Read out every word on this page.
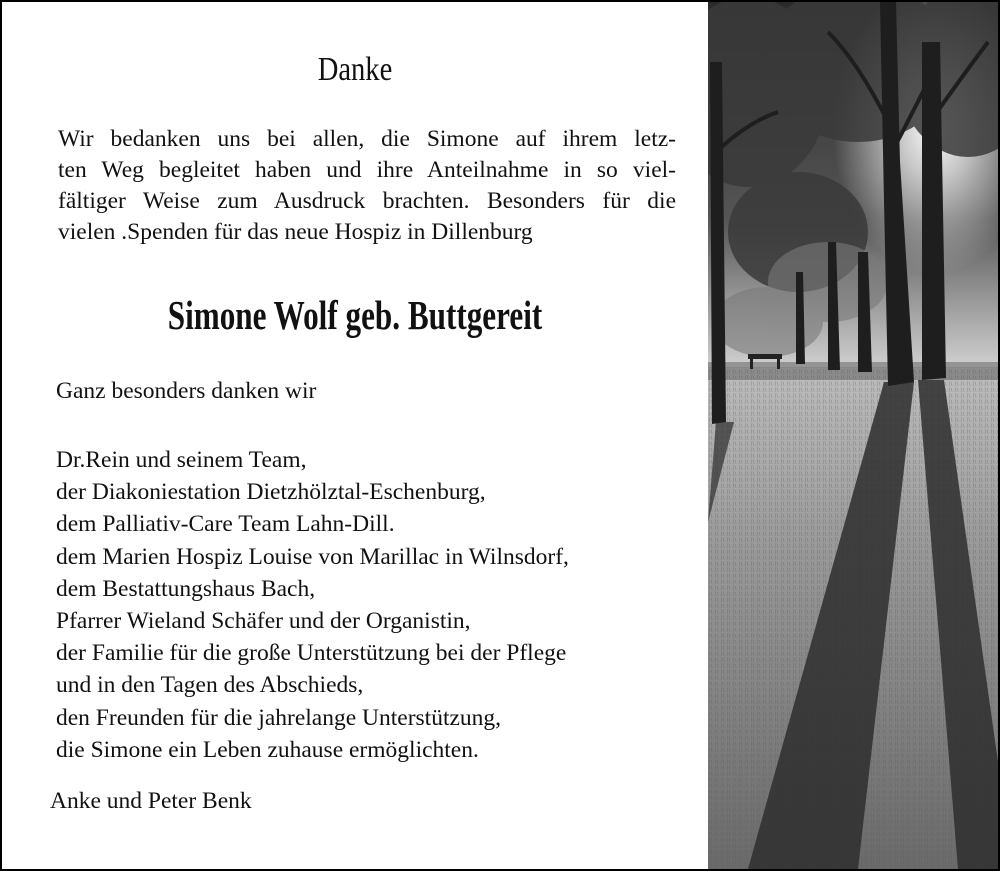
Danke
Wir bedanken uns bei allen, die Simone auf ihrem letz-
ten Weg begleitet haben und ihre Anteilnahme in so viel-
fältiger Weise zum Ausdruck brachten. Besonders für die
vielen .Spenden für das neue Hospiz in Dillenburg
Simone Wolf geb. Buttgereit
Ganz besonders danken wir
Dr.Rein und seinem Team,
der Diakoniestation Dietzhölztal-Eschenburg,
dem Palliativ-Care Team Lahn-Dill.
dem Marien Hospiz Louise von Marillac in Wilnsdorf,
dem Bestattungshaus Bach,
Pfarrer Wieland Schäfer und der Organistin,
der Familie für die große Unterstützung bei der Pflege
und in den Tagen des Abschieds,
den Freunden für die jahrelange Unterstützung,
die Simone ein Leben zuhause ermöglichten.
Anke und Peter Benk
